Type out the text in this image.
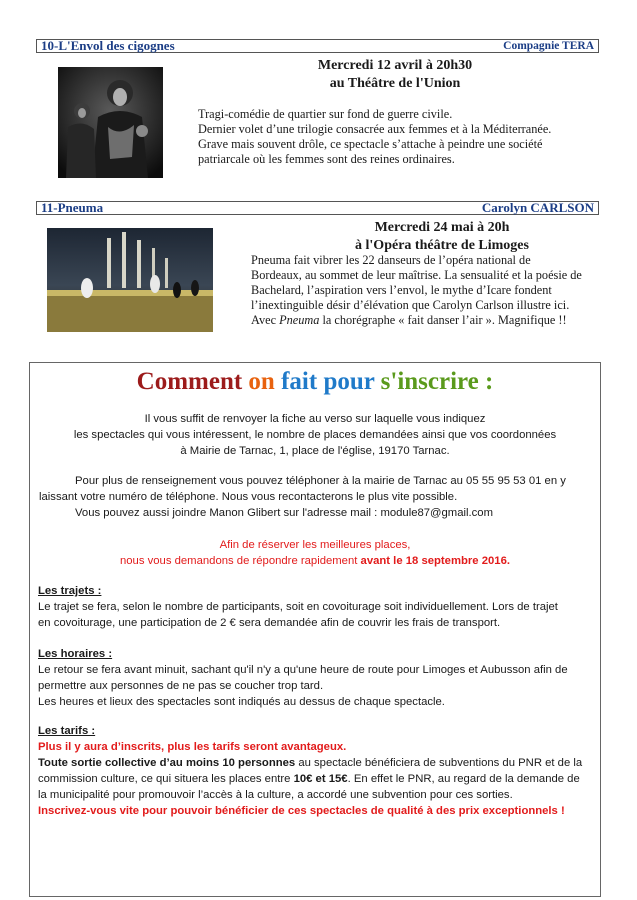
10-L'Envol des cigognes	Compagnie TERA
Mercredi 12 avril à 20h30
au Théâtre de l'Union
Tragi-comédie de quartier sur fond de guerre civile.
Dernier volet d’une trilogie consacrée aux femmes et à la Méditerranée.
Grave mais souvent drôle, ce spectacle s’attache à peindre une société
patriarcale où les femmes sont des reines ordinaires.
11-Pneuma	Carolyn CARLSON
Mercredi 24 mai à 20h
à l'Opéra théâtre de Limoges
Pneuma fait vibrer les 22 danseurs de l’opéra national de
Bordeaux, au sommet de leur maîtrise. La sensualité et la poésie de
Bachelard, l’aspiration vers l’envol, le mythe d’Icare fondent
l’inextinguible désir d’élévation que Carolyn Carlson illustre ici.
Avec Pneuma la chorégraphe « fait danser l’air ». Magnifique !!
Comment on fait pour s'inscrire :
Il vous suffit de renvoyer la fiche au verso sur laquelle vous indiquez
les spectacles qui vous intéressent, le nombre de places demandées ainsi que vos coordonnées
à Mairie de Tarnac, 1, place de l'église, 19170 Tarnac.
Pour plus de renseignement vous pouvez téléphoner à la mairie de Tarnac au 05 55 95 53 01 en y
laissant votre numéro de téléphone. Nous vous recontacterons le plus vite possible.
Vous pouvez aussi joindre Manon Glibert sur l'adresse mail : module87@gmail.com
Afin de réserver les meilleures places,
nous vous demandons de répondre rapidement avant le 18 septembre 2016.
Les trajets :
Le trajet se fera, selon le nombre de participants, soit en covoiturage soit individuellement. Lors de trajet
en covoiturage, une participation de 2 € sera demandée afin de couvrir les frais de transport.
Les horaires :
Le retour se fera avant minuit, sachant qu'il n'y a qu'une heure de route pour Limoges et Aubusson afin de
permettre aux personnes de ne pas se coucher trop tard.
Les heures et lieux des spectacles sont indiqués au dessus de chaque spectacle.
Les tarifs :
Plus il y aura d’inscrits, plus les tarifs seront avantageux.
Toute sortie collective d’au moins 10 personnes au spectacle bénéficiera de subventions du PNR et de la
commission culture, ce qui situera les places entre 10€ et 15€. En effet le PNR, au regard de la demande de
la municipalité pour promouvoir l’accès à la culture, a accordé une subvention pour ces sorties.
Inscrivez-vous vite pour pouvoir bénéficier de ces spectacles de qualité à des prix exceptionnels !
